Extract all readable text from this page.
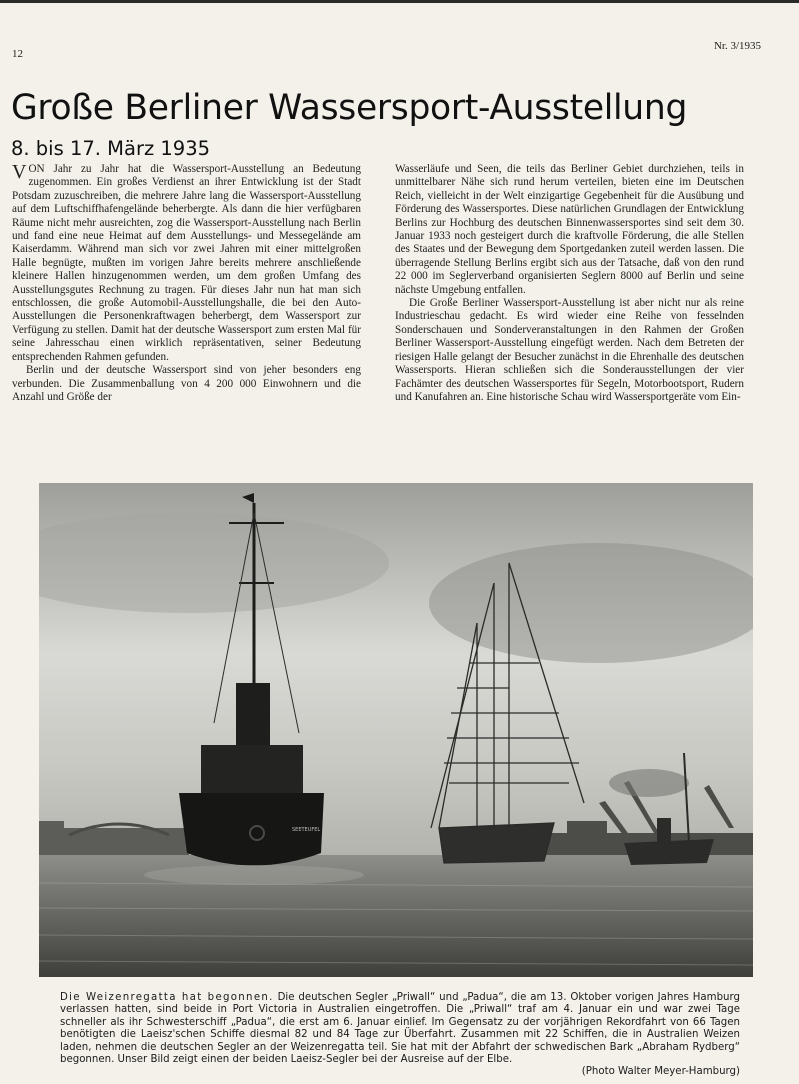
12
Nr. 3/1935
Große Berliner Wassersport-Ausstellung
8. bis 17. März 1935

VON Jahr zu Jahr hat die Wassersport-Ausstellung an Bedeutung zugenommen. Ein großes Verdienst an ihrer Entwicklung ist der Stadt Potsdam zuzuschreiben, die mehrere Jahre lang die Wassersport-Ausstellung auf dem Luftschiffhafengelände beherbergte. Als dann die hier verfügbaren Räume nicht mehr ausreichten, zog die Wassersport-Ausstellung nach Berlin und fand eine neue Heimat auf dem Ausstellungs- und Messegelände am Kaiserdamm. Während man sich vor zwei Jahren mit einer mittelgroßen Halle begnügte, mußten im vorigen Jahre bereits mehrere anschließende kleinere Hallen hinzugenommen werden, um dem großen Umfang des Ausstellungsgutes Rechnung zu tragen. Für dieses Jahr nun hat man sich entschlossen, die große Automobil-Ausstellungshalle, die bei den Auto-Ausstellungen die Personenkraftwagen beherbergt, dem Wassersport zur Verfügung zu stellen. Damit hat der deutsche Wassersport zum ersten Mal für seine Jahresschau einen wirklich repräsentativen, seiner Bedeutung entsprechenden Rahmen gefunden.

Berlin und der deutsche Wassersport sind von jeher besonders eng verbunden. Die Zusammenballung von 4 200 000 Einwohnern und die Anzahl und Größe der

Wasserläufe und Seen, die teils das Berliner Gebiet durchziehen, teils in unmittelbarer Nähe sich rund herum verteilen, bieten eine im Deutschen Reich, vielleicht in der Welt einzigartige Gegebenheit für die Ausübung und Förderung des Wassersportes. Diese natürlichen Grundlagen der Entwicklung Berlins zur Hochburg des deutschen Binnenwassersportes sind seit dem 30. Januar 1933 noch gesteigert durch die kraftvolle Förderung, die alle Stellen des Staates und der Bewegung dem Sportgedanken zuteil werden lassen. Die überragende Stellung Berlins ergibt sich aus der Tatsache, daß von den rund 22 000 im Seglerverband organisierten Seglern 8000 auf Berlin und seine nächste Umgebung entfallen.

Die Große Berliner Wassersport-Ausstellung ist aber nicht nur als reine Industrieschau gedacht. Es wird wieder eine Reihe von fesselnden Sonderschauen und Sonderveranstaltungen in den Rahmen der Großen Berliner Wassersport-Ausstellung eingefügt werden. Nach dem Betreten der riesigen Halle gelangt der Besucher zunächst in die Ehrenhalle des deutschen Wassersports. Hieran schließen sich die Sonderausstellungen der vier Fachämter des deutschen Wassersportes für Segeln, Motorbootsport, Rudern und Kanufahren an. Eine historische Schau wird Wassersportgeräte vom Ein-

SEETEUFEL
Die Weizenregatta hat begonnen. Die deutschen Segler „Priwall“ und „Padua“, die am 13. Oktober vorigen Jahres Hamburg verlassen hatten, sind beide in Port Victoria in Australien eingetroffen. Die „Priwall“ traf am 4. Januar ein und war zwei Tage schneller als ihr Schwesterschiff „Padua“, die erst am 6. Januar einlief. Im Gegensatz zu der vorjährigen Rekordfahrt von 66 Tagen benötigten die Laeisz'schen Schiffe diesmal 82 und 84 Tage zur Überfahrt. Zusammen mit 22 Schiffen, die in Australien Weizen laden, nehmen die deutschen Segler an der Weizenregatta teil. Sie hat mit der Abfahrt der schwedischen Bark „Abraham Rydberg“ begonnen. Unser Bild zeigt einen der beiden Laeisz-Segler bei der Ausreise auf der Elbe.
(Photo Walter Meyer-Hamburg)
